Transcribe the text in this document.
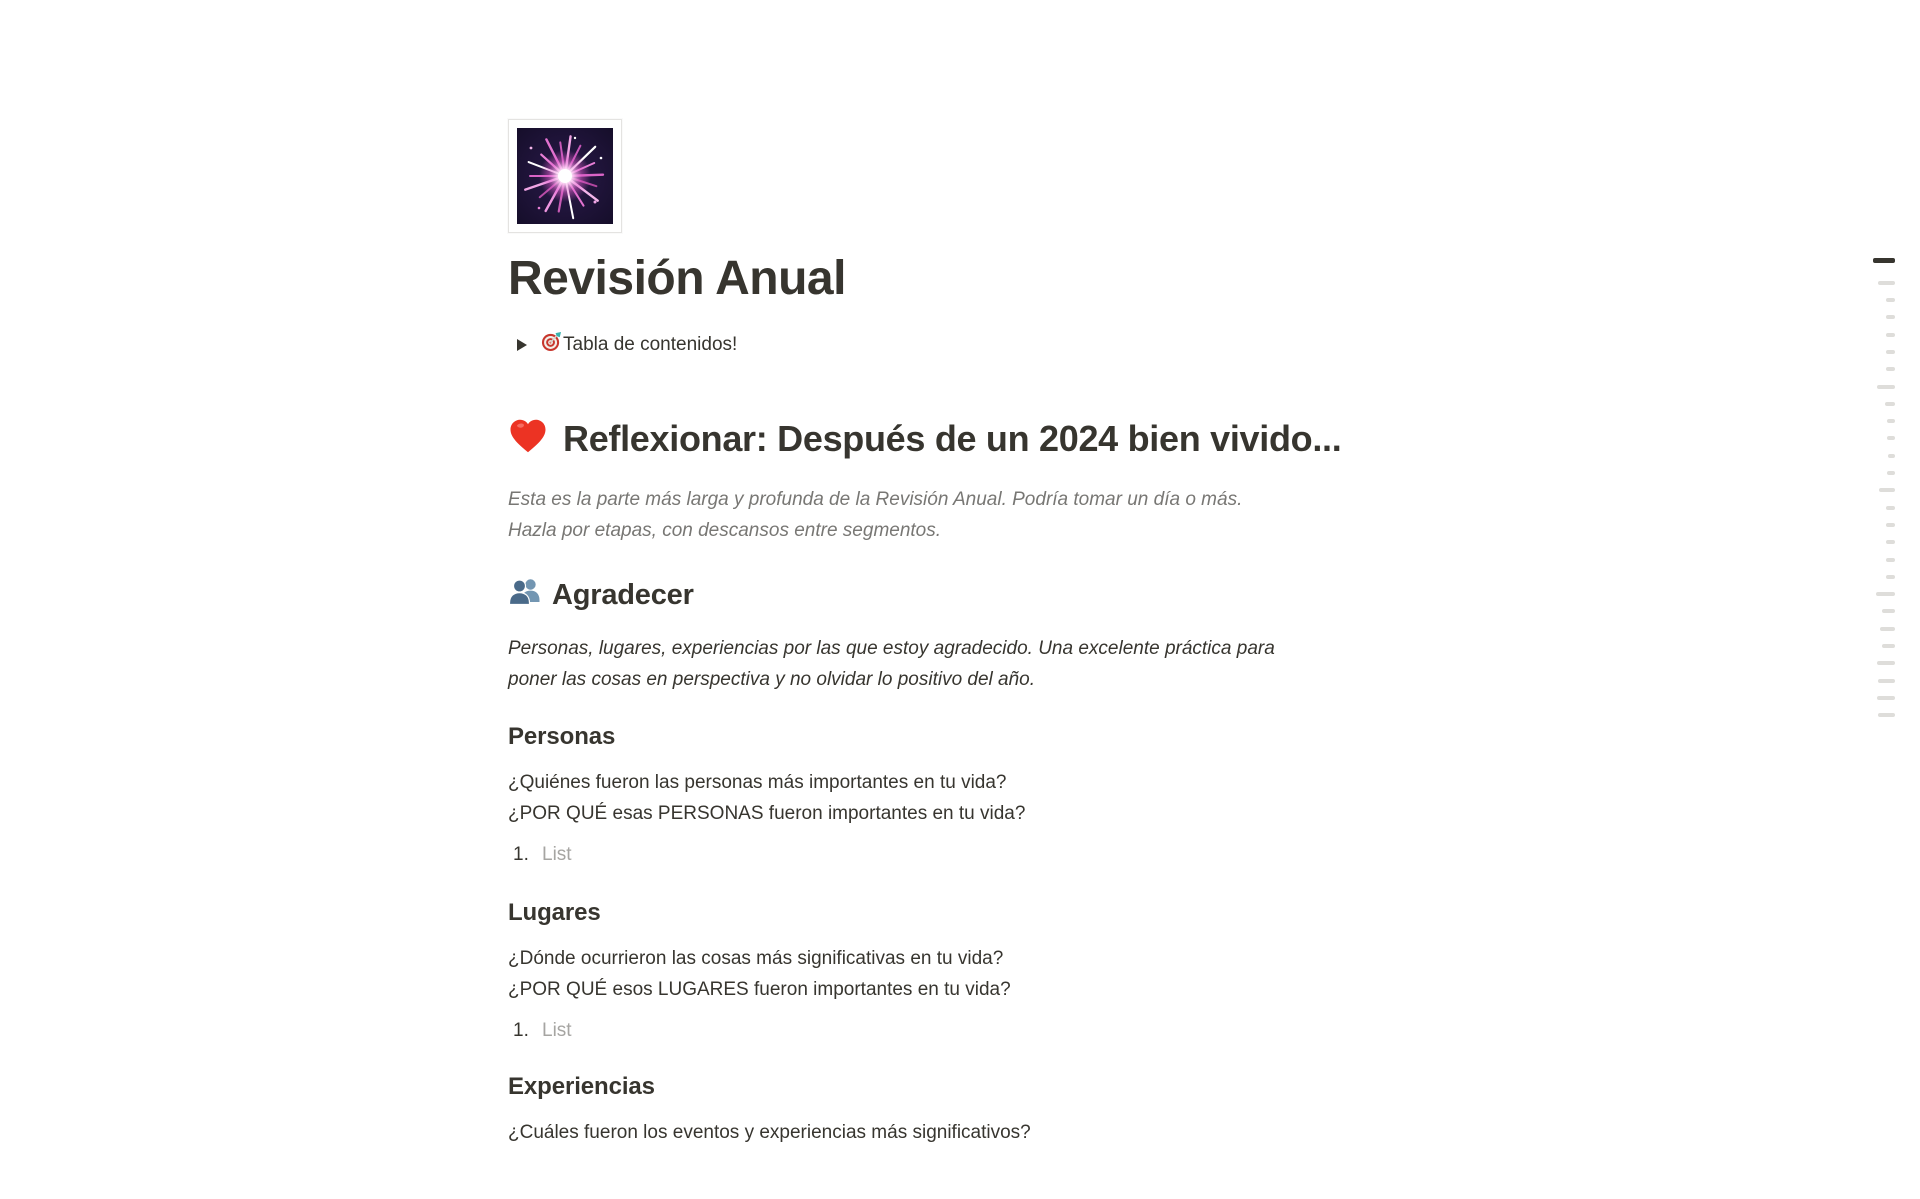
Revisión Anual
Tabla de contenidos!
Reflexionar: Después de un 2024 bien vivido...
Esta es la parte más larga y profunda de la Revisión Anual. Podría tomar un día o más.
Hazla por etapas, con descansos entre segmentos.
Agradecer
Personas, lugares, experiencias por las que estoy agradecido. Una excelente práctica para
poner las cosas en perspectiva y no olvidar lo positivo del año.
Personas
¿Quiénes fueron las personas más importantes en tu vida?
¿POR QUÉ esas PERSONAS fueron importantes en tu vida?
1. List
Lugares
¿Dónde ocurrieron las cosas más significativas en tu vida?
¿POR QUÉ esos LUGARES fueron importantes en tu vida?
1. List
Experiencias
¿Cuáles fueron los eventos y experiencias más significativos?
